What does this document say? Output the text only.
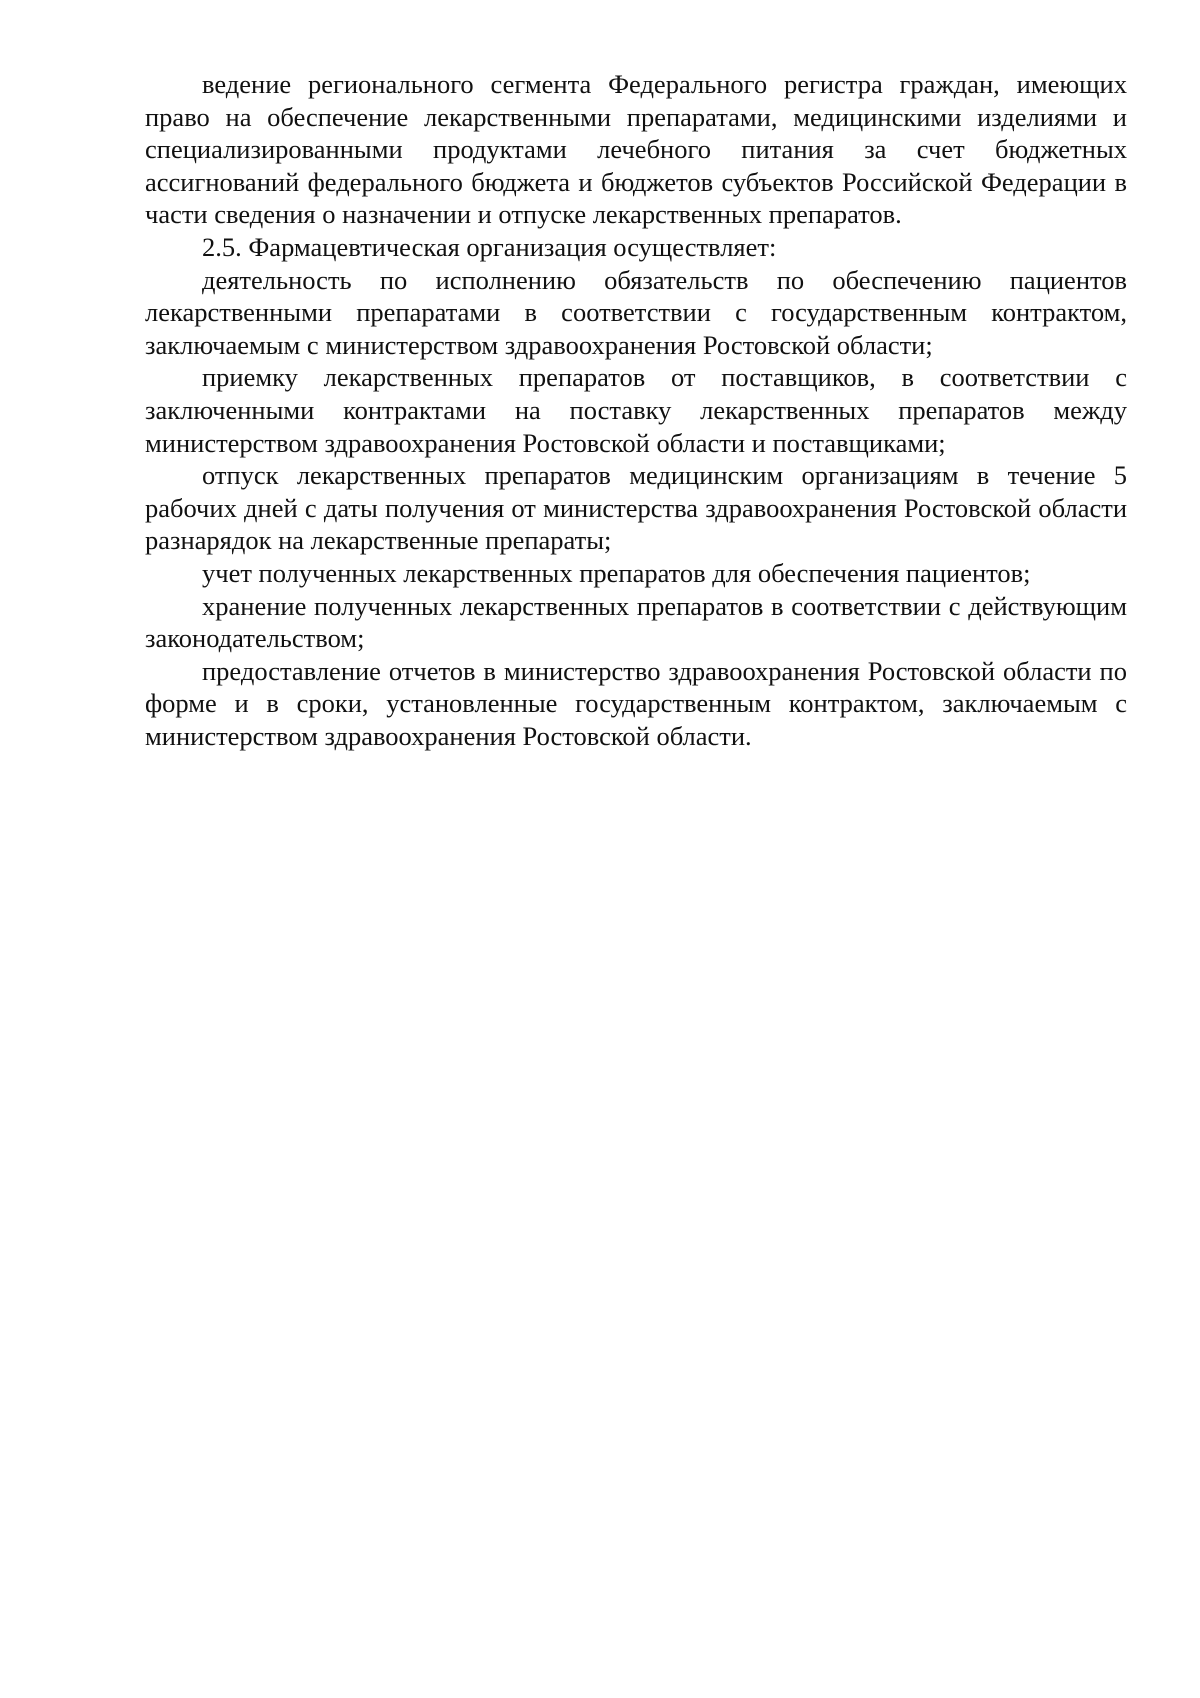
ведение регионального сегмента Федерального регистра граждан, имеющих право на обеспечение лекарственными препаратами, медицинскими изделиями и специализированными продуктами лечебного питания за счет бюджетных ассигнований федерального бюджета и бюджетов субъектов Российской Федерации в части сведения о назначении и отпуске лекарственных препаратов.

2.5. Фармацевтическая организация осуществляет:

деятельность по исполнению обязательств по обеспечению пациентов лекарственными препаратами в соответствии с государственным контрактом, заключаемым с министерством здравоохранения Ростовской области;

приемку лекарственных препаратов от поставщиков, в соответствии с заключенными контрактами на поставку лекарственных препаратов между министерством здравоохранения Ростовской области и поставщиками;

отпуск лекарственных препаратов медицинским организациям в течение 5 рабочих дней с даты получения от министерства здравоохранения Ростовской области разнарядок на лекарственные препараты;

учет полученных лекарственных препаратов для обеспечения пациентов;

хранение полученных лекарственных препаратов в соответствии с действующим законодательством;

предоставление отчетов в министерство здравоохранения Ростовской области по форме и в сроки, установленные государственным контрактом, заключаемым с министерством здравоохранения Ростовской области.
